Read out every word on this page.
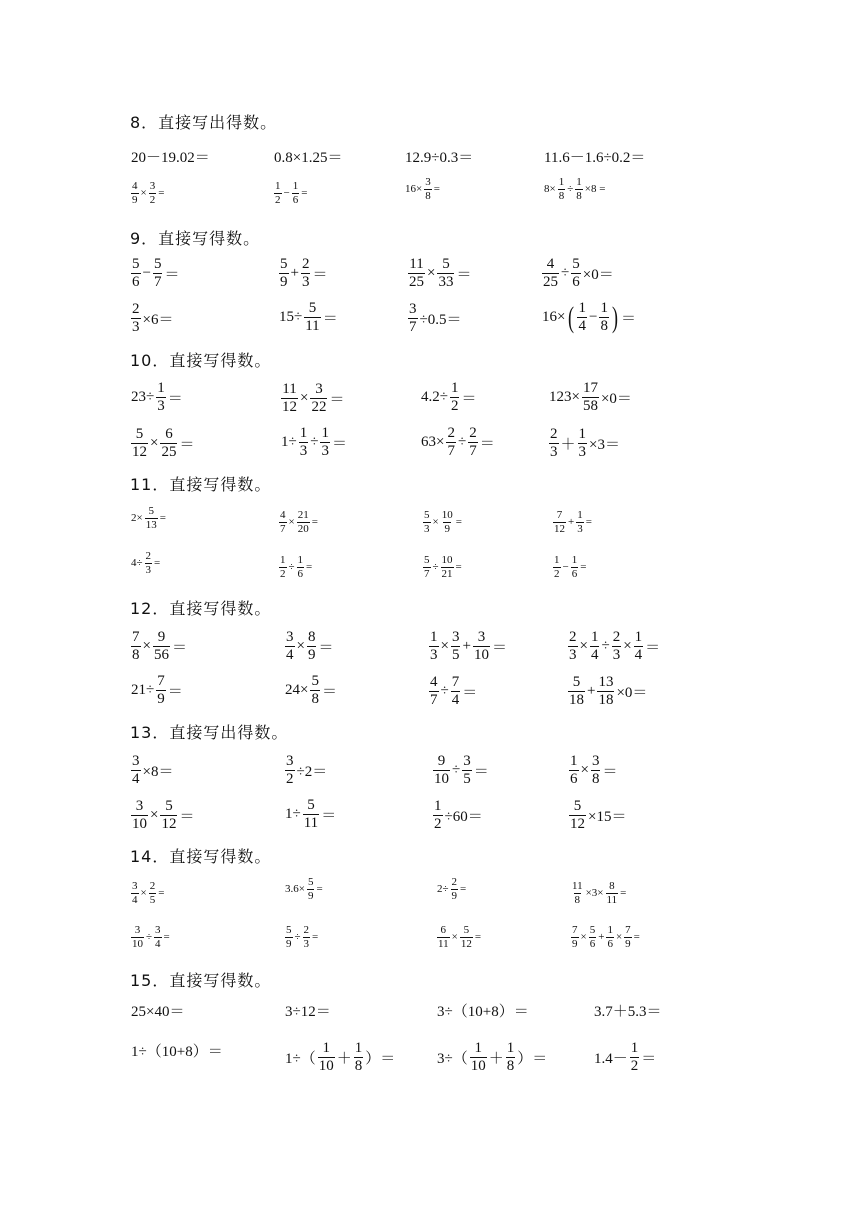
8．直接写出得数。
20－19.02＝	0.8×1.25＝	12.9÷0.3＝	11.6－1.6÷0.2＝
$\frac{4}{9} \times \frac{3}{2}$ =	$\frac{1}{2} - \frac{1}{6}$ =	$16\times \frac{3}{8}$ =	$8\times \frac{1}{8} \div \frac{1}{8} \times 8$ =
9．直接写得数。
$\frac{5}{6} - \frac{5}{7}$ ＝	$\frac{5}{9} + \frac{2}{3}$ ＝	$\frac{11}{25} \times \frac{5}{33}$ ＝	$\frac{4}{25} \div \frac{5}{6} \times 0=$
$\frac{2}{3} \times 6=$	$15\div \frac{5}{11}$ ＝	$\frac{3}{7} \div 0.5=$	16× ( $\frac{1}{4} - \frac{1}{8}$ ) ＝
10．直接写得数。
$23\div \frac{1}{3}$ ＝	$\frac{11}{12} \times \frac{3}{22}$ ＝	$4.2\div \frac{1}{2}$ ＝	$123\times \frac{17}{58} \times 0=$
$\frac{5}{12} \times \frac{6}{25}$ ＝	$1\div \frac{1}{3} \div \frac{1}{3}$ ＝	$63\times \frac{2}{7} \div \frac{2}{7}$ ＝	$\frac{2}{3} + \frac{1}{3} \times 3=$
11．直接写得数。
$2\times \frac{5}{13}$ =	$\frac{4}{7} \times \frac{21}{20}$ =	$\frac{5}{3} \times \frac{10}{9}$ =	$\frac{7}{12} + \frac{1}{3}$ =
$4\div \frac{2}{3}$ =	$\frac{1}{2} \div \frac{1}{6}$ =	$\frac{5}{7} \div \frac{10}{21}$ =	$\frac{1}{2} - \frac{1}{6}$ =
12．直接写得数。
$\frac{7}{8} \times \frac{9}{56}$ ＝	$\frac{3}{4} \times \frac{8}{9}$ ＝	$\frac{1}{3} \times \frac{3}{5} + \frac{3}{10}$ ＝	$\frac{2}{3} \times \frac{1}{4} \div \frac{2}{3} \times \frac{1}{4}$ ＝
$21\div \frac{7}{9}$ ＝	$24\times \frac{5}{8}$ ＝	$\frac{4}{7} \div \frac{7}{4}$ ＝	$\frac{5}{18} + \frac{13}{18} \times 0=$
13．直接写出得数。
$\frac{3}{4} \times 8=$	$\frac{3}{2} \div 2=$	$\frac{9}{10} \div \frac{3}{5}$ ＝	$\frac{1}{6} \times \frac{3}{8}$ ＝
$\frac{3}{10} \times \frac{5}{12}$ ＝	$1\div \frac{5}{11}$ ＝	$\frac{1}{2} \div 60=$	$\frac{5}{12} \times 15=$
14．直接写得数。
$\frac{3}{4} \times \frac{2}{5}$ =	$3.6\times \frac{5}{9}$ =	$2\div \frac{2}{9}$ =	$\frac{11}{8} \times 3\times \frac{8}{11}$ =
$\frac{3}{10} \div \frac{3}{4}$ =	$\frac{5}{9} \div \frac{2}{3}$ =	$\frac{6}{11} \times \frac{5}{12}$ =	$\frac{7}{9} \times \frac{5}{6} + \frac{1}{6} \times \frac{7}{9}$ =
15．直接写得数。
25×40＝	3÷12＝	3÷（10+8）＝	3.7＋5.3＝
1÷（10+8）＝	$1\div( \frac{1}{10} + \frac{1}{8}$ ）＝	$3\div( \frac{1}{10} + \frac{1}{8}$ ）＝	$1.4- \frac{1}{2}$ ＝
